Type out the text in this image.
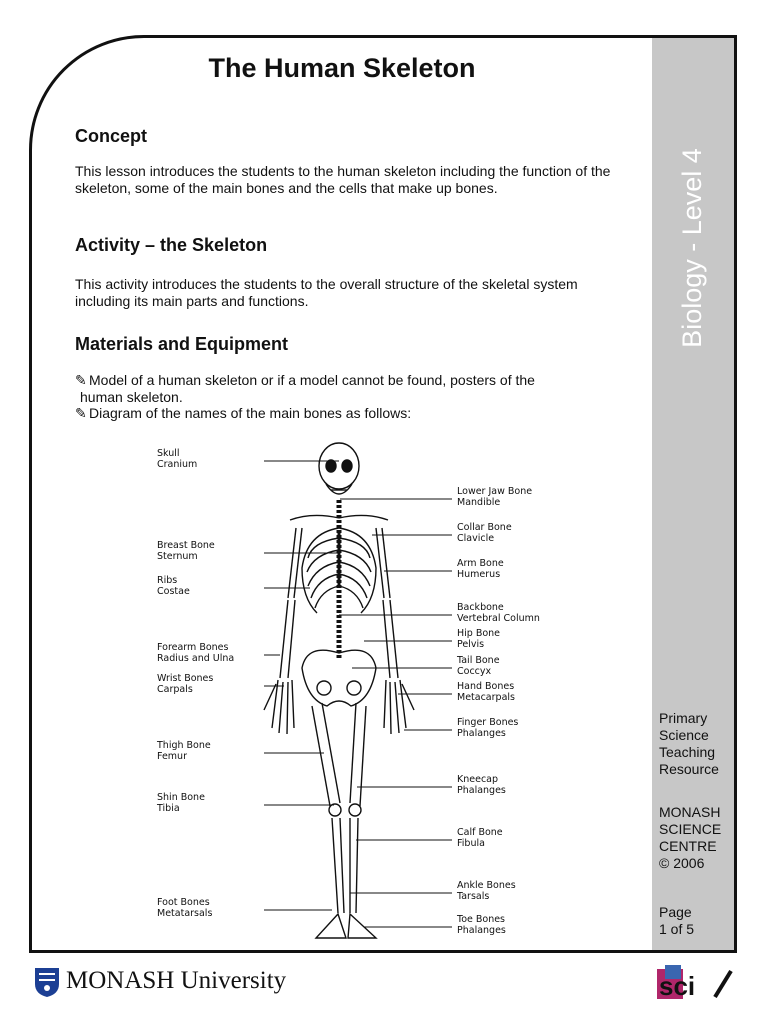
The Human Skeleton
Concept
This lesson introduces the students to the human skeleton including the function of the skeleton, some of the main bones and the cells that make up bones.
Activity – the Skeleton
This activity introduces the students to the overall structure of the skeletal system including its main parts and functions.
Materials and Equipment
✎ Model of a human skeleton or if a model cannot be found, posters of the
human skeleton.
✎ Diagram of the names of the main bones as follows:
Skull
Cranium
Breast Bone
Sternum
Ribs
Costae
Forearm Bones
Radius and Ulna
Wrist Bones
Carpals
Thigh Bone
Femur
Shin Bone
Tibia
Foot Bones
Metatarsals
Lower Jaw Bone
Mandible
Collar Bone
Clavicle
Arm Bone
Humerus
Backbone
Vertebral Column
Hip Bone
Pelvis
Tail Bone
Coccyx
Hand Bones
Metacarpals
Finger Bones
Phalanges
Kneecap
Phalanges
Calf Bone
Fibula
Ankle Bones
Tarsals
Toe Bones
Phalanges
Biology - Level 4
Primary
Science
Teaching
Resource
MONASH
SCIENCE
CENTRE
© 2006
Page
1 of 5
MONASH University	sci
